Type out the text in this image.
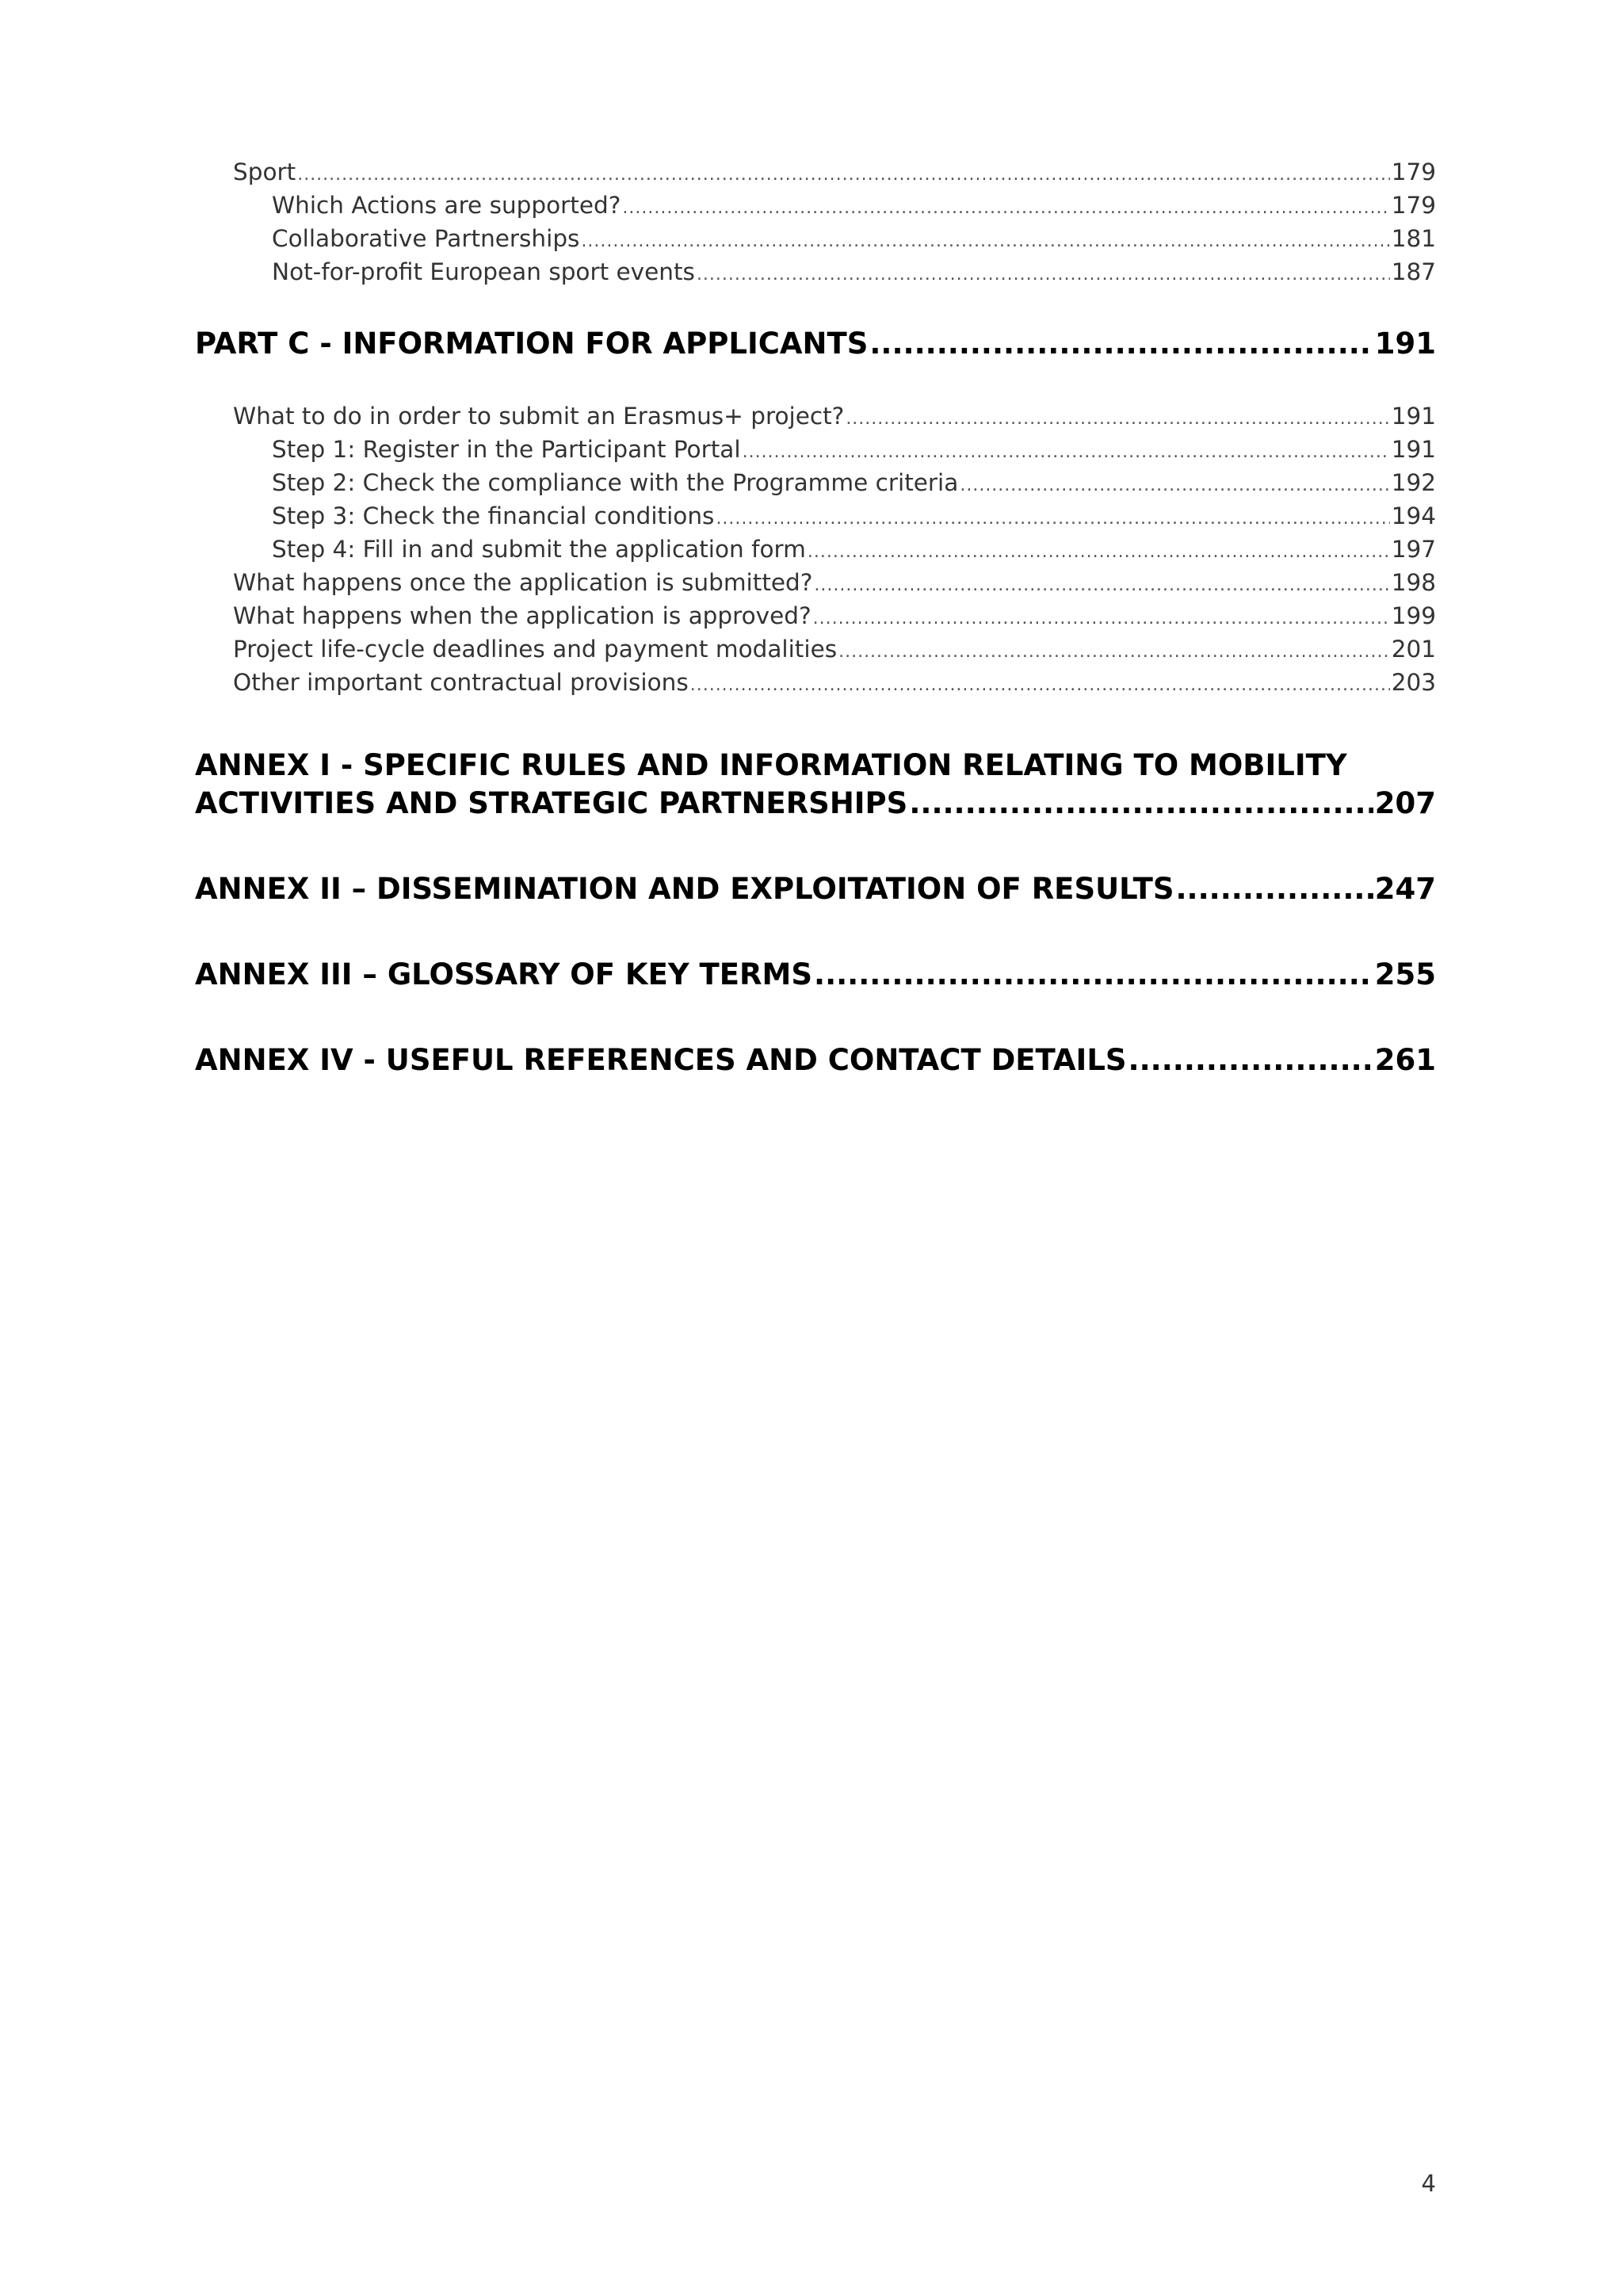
Sport .....	179
Which Actions are supported? .....	179
Collaborative Partnerships .....	181
Not-for-profit European sport events .....	187
PART C - INFORMATION FOR APPLICANTS .....	191
What to do in order to submit an Erasmus+ project? .....	191
Step 1: Register in the Participant Portal .....	191
Step 2: Check the compliance with the Programme criteria .....	192
Step 3: Check the financial conditions .....	194
Step 4: Fill in and submit the application form .....	197
What happens once the application is submitted? .....	198
What happens when the application is approved? .....	199
Project life-cycle deadlines and payment modalities .....	201
Other important contractual provisions .....	203
ANNEX I - SPECIFIC RULES AND INFORMATION RELATING TO MOBILITY
ACTIVITIES AND STRATEGIC PARTNERSHIPS .....	207
ANNEX II – DISSEMINATION AND EXPLOITATION OF RESULTS .....	247
ANNEX III – GLOSSARY OF KEY TERMS .....	255
ANNEX IV - USEFUL REFERENCES AND CONTACT DETAILS .....	261
4
